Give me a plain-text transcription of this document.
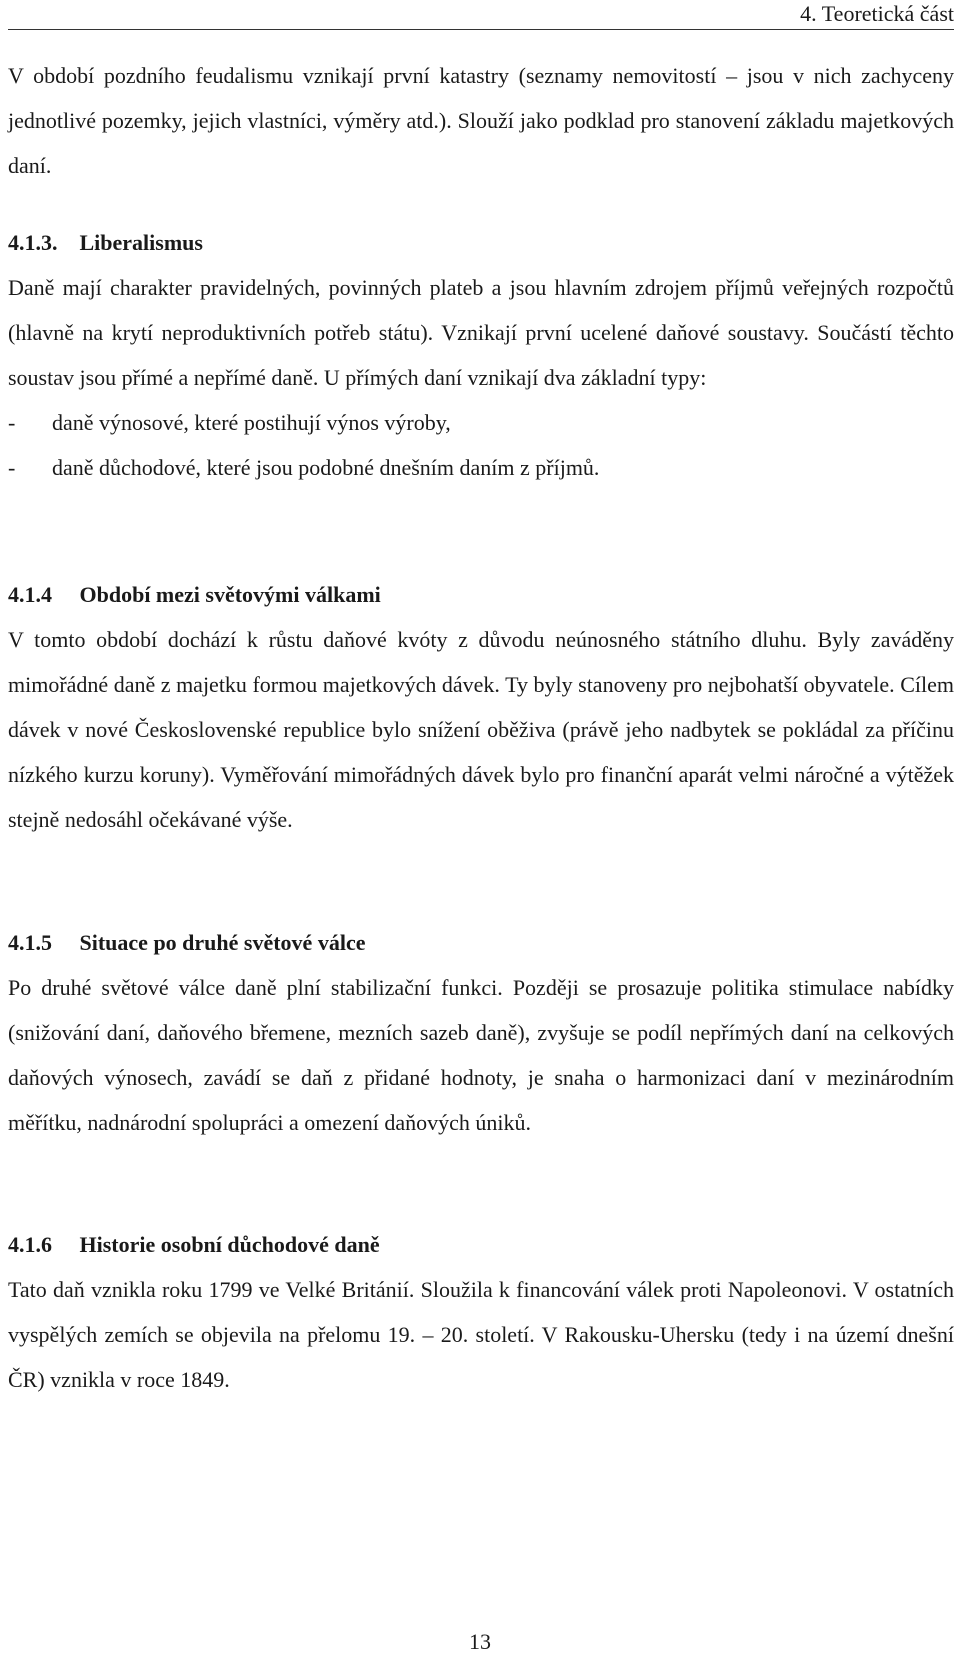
4. Teoretická část

V období pozdního feudalismu vznikají první katastry (seznamy nemovitostí – jsou v nich zachyceny jednotlivé pozemky, jejich vlastníci, výměry atd.). Slouží jako podklad pro stanovení základu majetkových daní.

4.1.3. Liberalismus

Daně mají charakter pravidelných, povinných plateb a jsou hlavním zdrojem příjmů veřejných rozpočtů (hlavně na krytí neproduktivních potřeb státu). Vznikají první ucelené daňové soustavy. Součástí těchto soustav jsou přímé a nepřímé daně. U přímých daní vznikají dva základní typy:

- daně výnosové, které postihují výnos výroby,
- daně důchodové, které jsou podobné dnešním daním z příjmů.
4.1.4 Období mezi světovými válkami

V tomto období dochází k růstu daňové kvóty z důvodu neúnosného státního dluhu. Byly zaváděny mimořádné daně z majetku formou majetkových dávek. Ty byly stanoveny pro nejbohatší obyvatele. Cílem dávek v nové Československé republice bylo snížení oběživa (právě jeho nadbytek se pokládal za příčinu nízkého kurzu koruny). Vyměřování mimořádných dávek bylo pro finanční aparát velmi náročné a výtěžek stejně nedosáhl očekávané výše.

4.1.5 Situace po druhé světové válce

Po druhé světové válce daně plní stabilizační funkci. Později se prosazuje politika stimulace nabídky (snižování daní, daňového břemene, mezních sazeb daně), zvyšuje se podíl nepřímých daní na celkových daňových výnosech, zavádí se daň z přidané hodnoty, je snaha o harmonizaci daní v mezinárodním měřítku, nadnárodní spolupráci a omezení daňových úniků.

4.1.6 Historie osobní důchodové daně

Tato daň vznikla roku 1799 ve Velké Británií. Sloužila k financování válek proti Napoleonovi. V ostatních vyspělých zemích se objevila na přelomu 19. – 20. století. V Rakousku-Uhersku (tedy i na území dnešní ČR) vznikla v roce 1849.

13
